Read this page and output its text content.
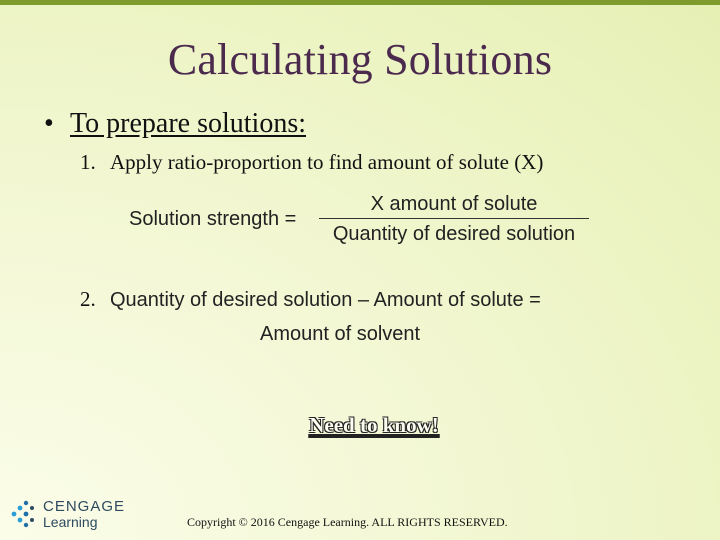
Calculating Solutions
• To prepare solutions:
1. Apply ratio-proportion to find amount of solute (X)
Solution strength =
X amount of solute
Quantity of desired solution
2. Quantity of desired solution – Amount of solute =
Amount of solvent
Need to know!
CENGAGE
Learning	Copyright © 2016 Cengage Learning. ALL RIGHTS RESERVED.
